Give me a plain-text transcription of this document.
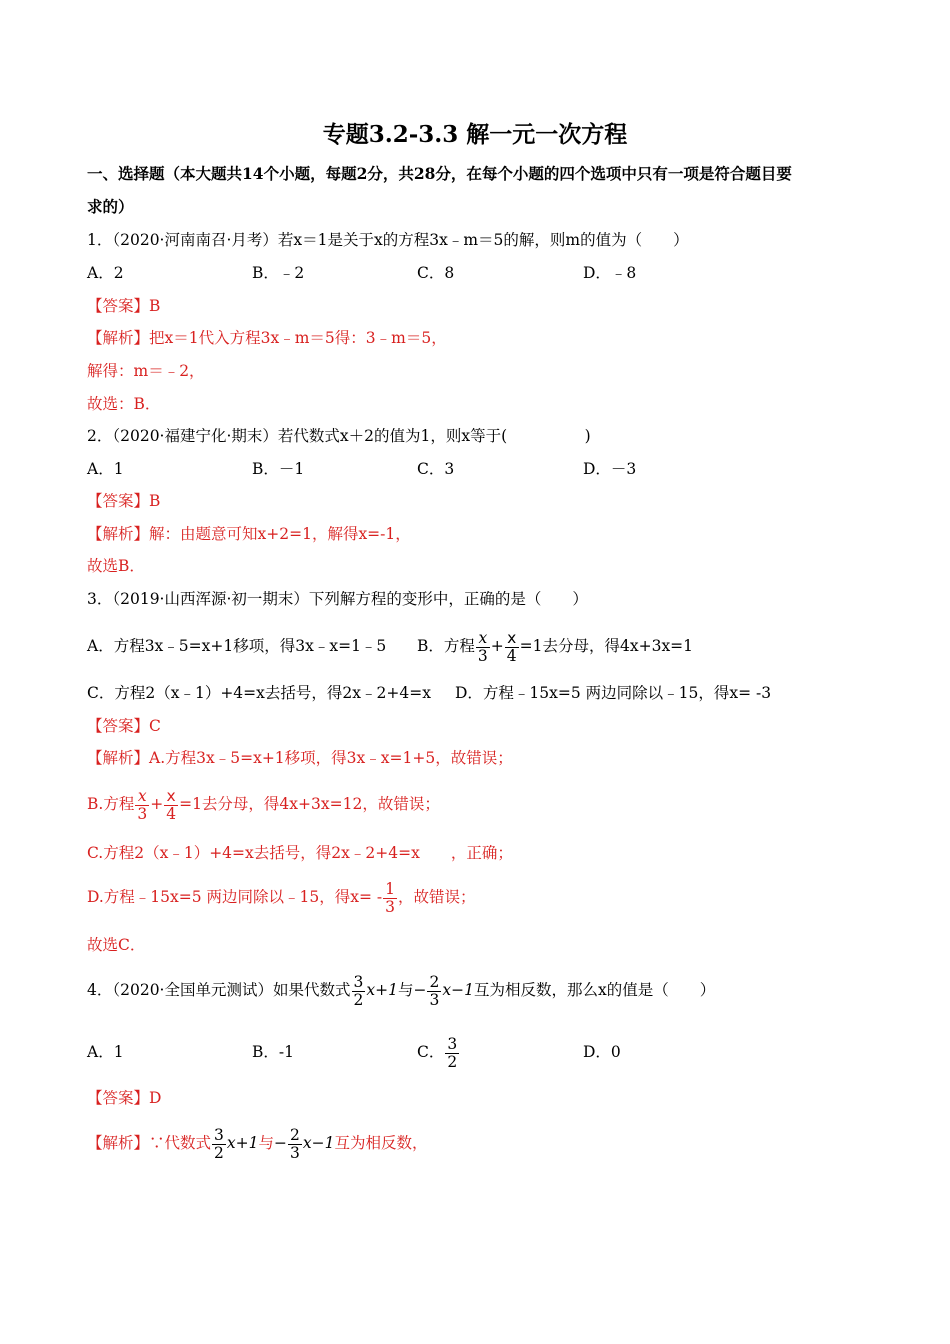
专题3.2-3.3 解一元一次方程
一、选择题（本大题共14个小题，每题2分，共28分，在每个小题的四个选项中只有一项是符合题目要
求的）
1．（2020·河南南召·月考）若x＝1是关于x的方程3x﹣m＝5的解，则m的值为（　　）
A．2	B．﹣2	C．8	D．﹣8
【答案】B
【解析】把x＝1代入方程3x﹣m＝5得：3﹣m＝5，
解得：m＝﹣2，
故选：B．
2．（2020·福建宁化·期末）若代数式x＋2的值为1，则x等于(　　　　　)
A．1	B．－1	C．3	D．－3
【答案】B
【解析】解：由题意可知x+2=1，解得x=-1，
故选B．
3．（2019·山西浑源·初一期末）下列解方程的变形中，正确的是（　　）
A．方程3x﹣5=x+1移项，得3x﹣x=1﹣5 B．方程 $\frac{x}{3} + \frac{x}{4} =1$去分母，得4x+3x=1
C．方程2（x﹣1）+4=x去括号，得2x﹣2+4=x D．方程﹣15x=5 两边同除以﹣15，得x= -3
【答案】C
【解析】A.方程3x﹣5=x+1移项，得3x﹣x=1+5，故错误；
B.方程 $\frac{x}{3} + \frac{x}{4} =1$去分母，得4x+3x=12，故错误；
C.方程2（x﹣1）+4=x去括号，得2x﹣2+4=x　　，正确；
D.方程﹣15x=5 两边同除以﹣15，得$x= - \frac{1}{3}$ ，故错误；
故选C．
4．（2020·全国单元测试）如果代数式 $\frac{3}{2} x+1$与− $\frac{2}{3} x-1$互为相反数，那么x的值是（　　）
A．1	B．-1	C． $\frac{3}{2}$	D．0
【答案】D
【解析】∵代数式 $\frac{3}{2} x+1$与− $\frac{2}{3} x-1$互为相反数，
